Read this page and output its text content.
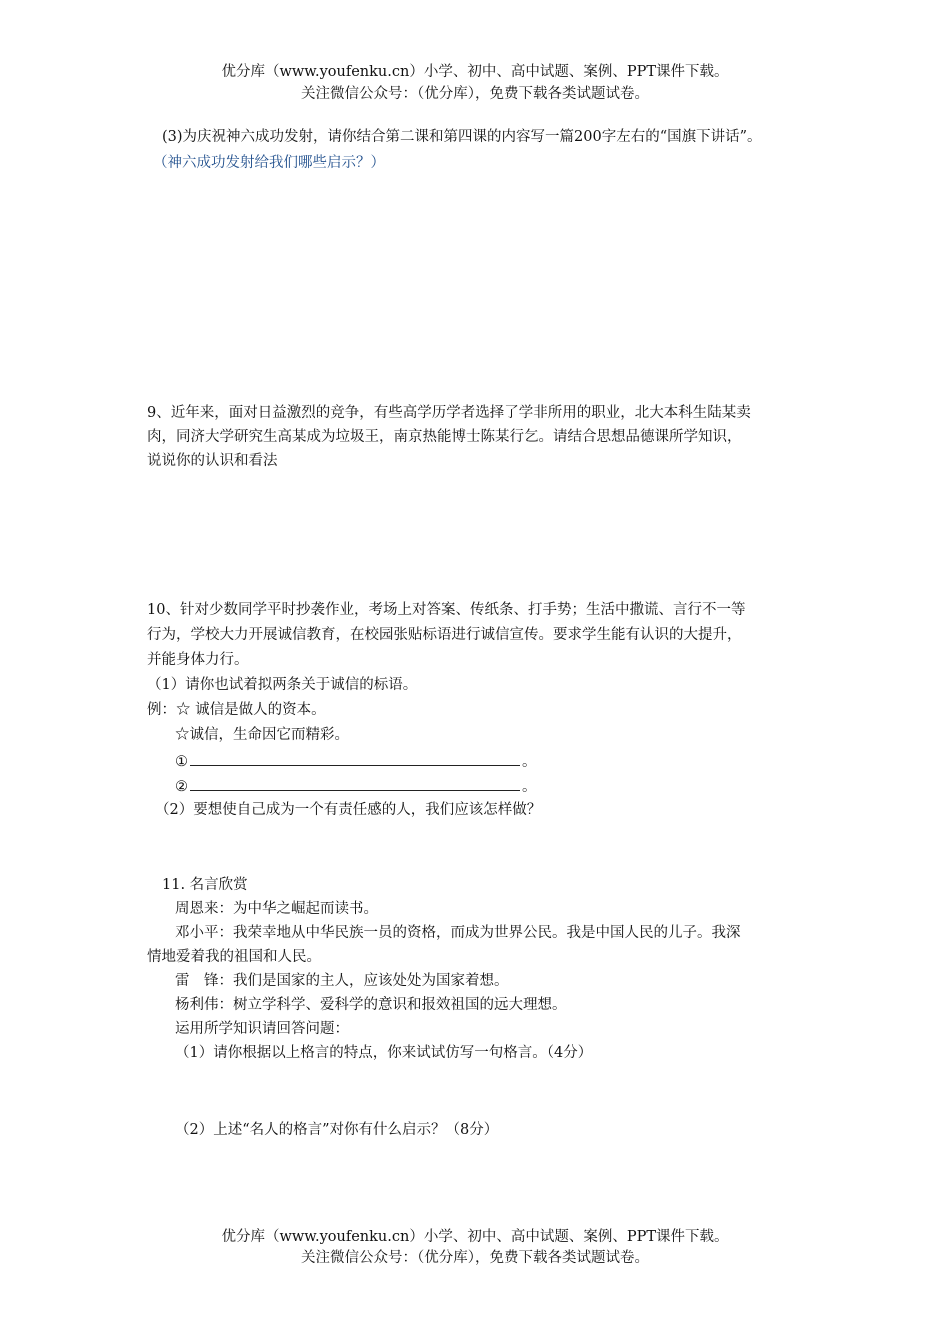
优分库（www.youfenku.cn）小学、初中、高中试题、案例、PPT课件下载。
关注微信公众号：（优分库），免费下载各类试题试卷。
(3)为庆祝神六成功发射，请你结合第二课和第四课的内容写一篇200字左右的“国旗下讲话”。
（神六成功发射给我们哪些启示？）
9、近年来，面对日益激烈的竞争，有些高学历学者选择了学非所用的职业，北大本科生陆某卖
肉，同济大学研究生高某成为垃圾王，南京热能博士陈某行乞。请结合思想品德课所学知识，
说说你的认识和看法
10、针对少数同学平时抄袭作业，考场上对答案、传纸条、打手势；生活中撒谎、言行不一等
行为，学校大力开展诚信教育，在校园张贴标语进行诚信宣传。要求学生能有认识的大提升，
并能身体力行。
（1）请你也试着拟两条关于诚信的标语。
例：☆ 诚信是做人的资本。
☆诚信，生命因它而精彩。
①	。
②	。
（2）要想使自己成为一个有责任感的人，我们应该怎样做？
11. 名言欣赏
周恩来：为中华之崛起而读书。
邓小平：我荣幸地从中华民族一员的资格，而成为世界公民。我是中国人民的儿子。我深
情地爱着我的祖国和人民。
雷　锋：我们是国家的主人，应该处处为国家着想。
杨利伟：树立学科学、爱科学的意识和报效祖国的远大理想。
运用所学知识请回答问题：
（1）请你根据以上格言的特点，你来试试仿写一句格言。（4分）
（2）上述“名人的格言”对你有什么启示？（8分）
优分库（www.youfenku.cn）小学、初中、高中试题、案例、PPT课件下载。
关注微信公众号：（优分库），免费下载各类试题试卷。
